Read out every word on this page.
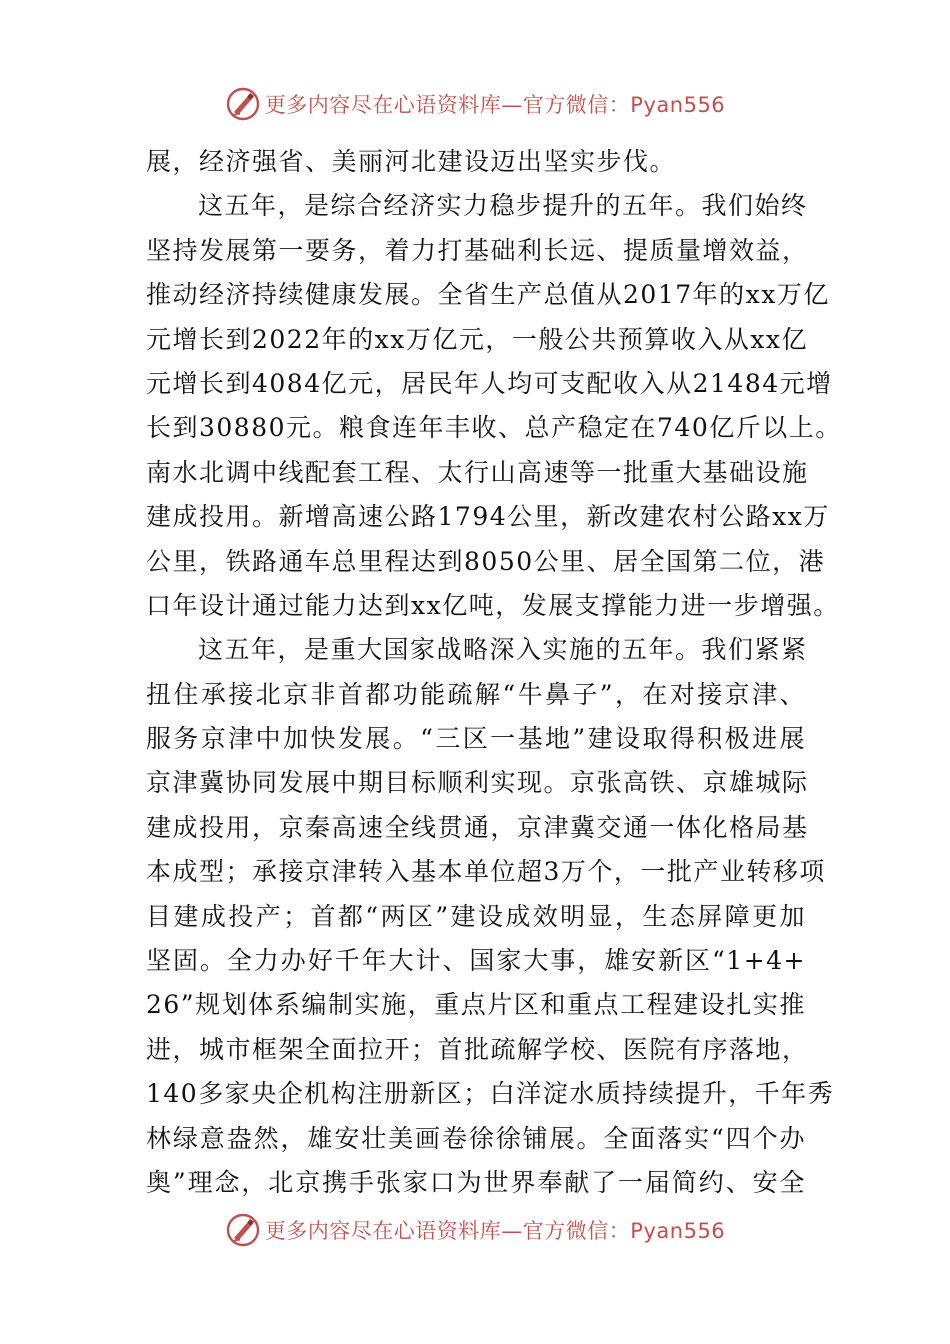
更多内容尽在心语资料库—官方微信：Pyan556
展，经济强省、美丽河北建设迈出坚实步伐。
这五年，是综合经济实力稳步提升的五年。我们始终
坚持发展第一要务，着力打基础利长远、提质量增效益，
推动经济持续健康发展。全省生产总值从2017年的xx万亿
元增长到2022年的xx万亿元，一般公共预算收入从xx亿
元增长到4084亿元，居民年人均可支配收入从21484元增
长到30880元。粮食连年丰收、总产稳定在740亿斤以上。
南水北调中线配套工程、太行山高速等一批重大基础设施
建成投用。新增高速公路1794公里，新改建农村公路xx万
公里，铁路通车总里程达到8050公里、居全国第二位，港
口年设计通过能力达到xx亿吨，发展支撑能力进一步增强。
这五年，是重大国家战略深入实施的五年。我们紧紧
扭住承接北京非首都功能疏解“牛鼻子”，在对接京津、
服务京津中加快发展。“三区一基地”建设取得积极进展
京津冀协同发展中期目标顺利实现。京张高铁、京雄城际
建成投用，京秦高速全线贯通，京津冀交通一体化格局基
本成型；承接京津转入基本单位超3万个，一批产业转移项
目建成投产；首都“两区”建设成效明显，生态屏障更加
坚固。全力办好千年大计、国家大事，雄安新区“1+4+
26”规划体系编制实施，重点片区和重点工程建设扎实推
进，城市框架全面拉开；首批疏解学校、医院有序落地，
140多家央企机构注册新区；白洋淀水质持续提升，千年秀
林绿意盎然，雄安壮美画卷徐徐铺展。全面落实“四个办
奥”理念，北京携手张家口为世界奉献了一届简约、安全
更多内容尽在心语资料库—官方微信：Pyan556
